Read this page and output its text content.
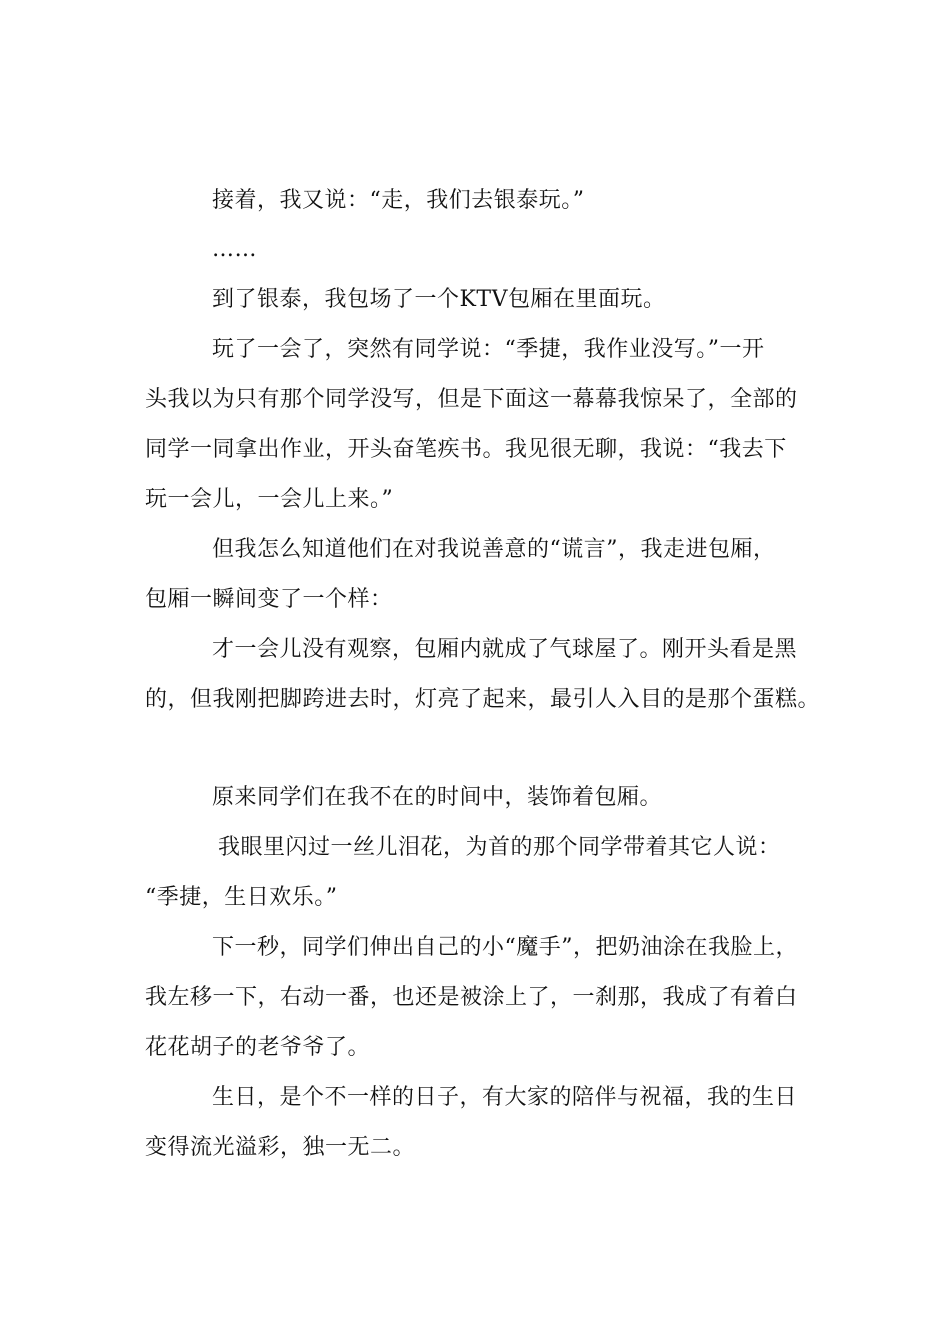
接着，我又说：“走，我们去银泰玩。”
……
到了银泰，我包场了一个KTV包厢在里面玩。
玩了一会了，突然有同学说：“季捷，我作业没写。”一开
头我以为只有那个同学没写，但是下面这一幕幕我惊呆了，全部的
同学一同拿出作业，开头奋笔疾书。我见很无聊，我说：“我去下
玩一会儿，一会儿上来。”
但我怎么知道他们在对我说善意的“谎言”，我走进包厢，
包厢一瞬间变了一个样：
才一会儿没有观察，包厢内就成了气球屋了。刚开头看是黑
的，但我刚把脚跨进去时，灯亮了起来，最引人入目的是那个蛋糕。
原来同学们在我不在的时间中，装饰着包厢。
我眼里闪过一丝儿泪花，为首的那个同学带着其它人说：
“季捷，生日欢乐。”
下一秒，同学们伸出自己的小“魔手”，把奶油涂在我脸上，
我左移一下，右动一番，也还是被涂上了，一刹那，我成了有着白
花花胡子的老爷爷了。
生日，是个不一样的日子，有大家的陪伴与祝福，我的生日
变得流光溢彩，独一无二。
